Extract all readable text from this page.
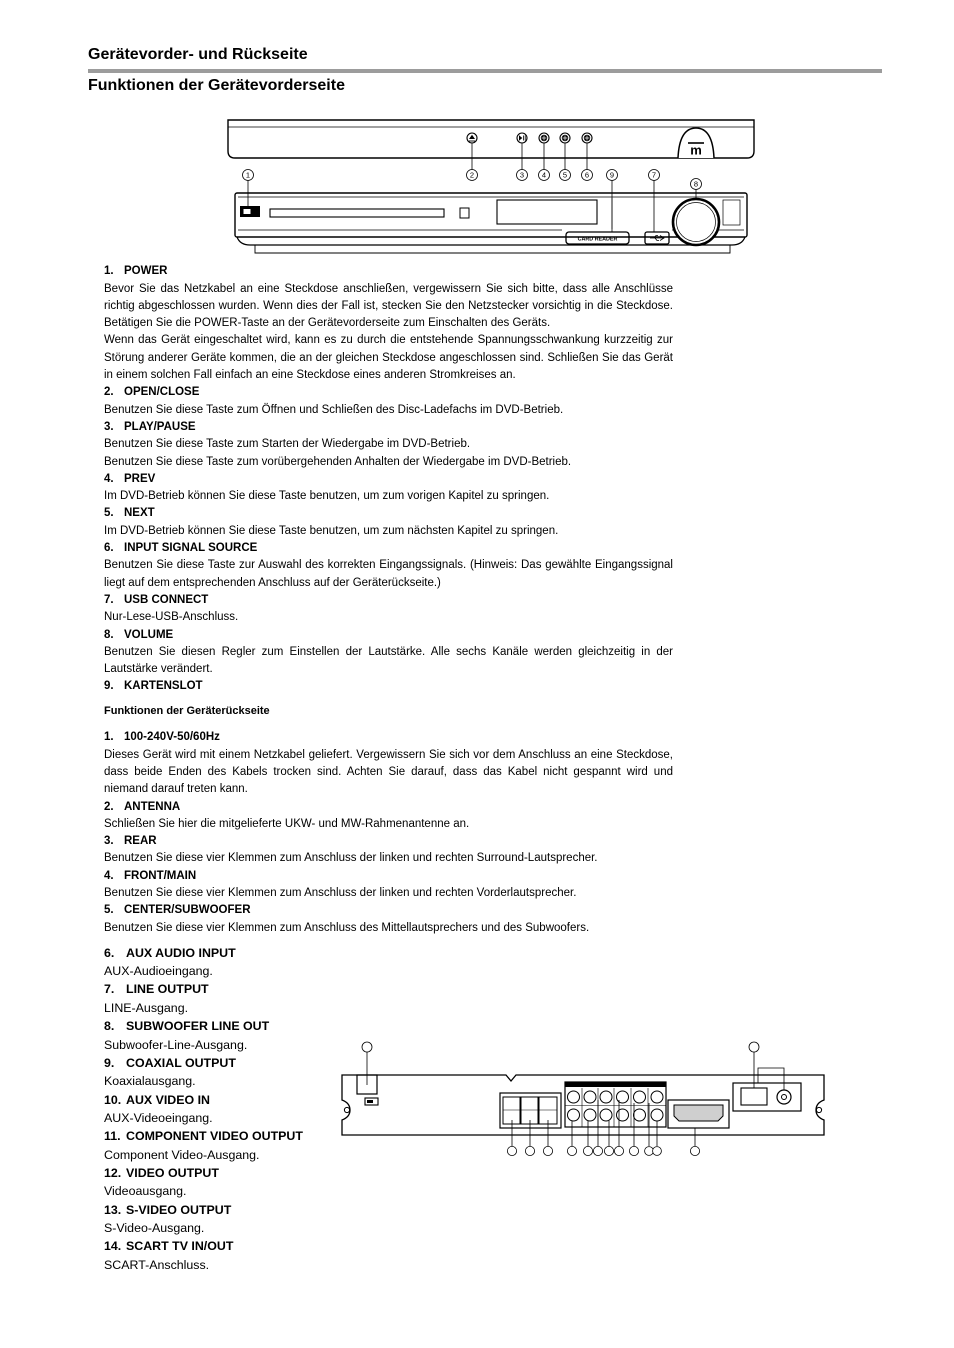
Gerätevorder- und Rückseite
Funktionen der Gerätevorderseite
m
1	2	3 4 5 6	9	7
8
CARD READER
1. POWER
Bevor Sie das Netzkabel an eine Steckdose anschließen, vergewissern Sie sich bitte, dass alle Anschlüsse
richtig abgeschlossen wurden. Wenn dies der Fall ist, stecken Sie den Netzstecker vorsichtig in die Steckdose.
Betätigen Sie die POWER-Taste an der Gerätevorderseite zum Einschalten des Geräts.
Wenn das Gerät eingeschaltet wird, kann es zu durch die entstehende Spannungsschwankung kurzzeitig zur
Störung anderer Geräte kommen, die an der gleichen Steckdose angeschlossen sind. Schließen Sie das Gerät
in einem solchen Fall einfach an eine Steckdose eines anderen Stromkreises an.
2. OPEN/CLOSE
Benutzen Sie diese Taste zum Öffnen und Schließen des Disc-Ladefachs im DVD-Betrieb.
3. PLAY/PAUSE
Benutzen Sie diese Taste zum Starten der Wiedergabe im DVD-Betrieb.
Benutzen Sie diese Taste zum vorübergehenden Anhalten der Wiedergabe im DVD-Betrieb.
4. PREV
Im DVD-Betrieb können Sie diese Taste benutzen, um zum vorigen Kapitel zu springen.
5. NEXT
Im DVD-Betrieb können Sie diese Taste benutzen, um zum nächsten Kapitel zu springen.
6. INPUT SIGNAL SOURCE
Benutzen Sie diese Taste zur Auswahl des korrekten Eingangssignals. (Hinweis: Das gewählte Eingangssignal
liegt auf dem entsprechenden Anschluss auf der Geräterückseite.)
7. USB CONNECT
Nur-Lese-USB-Anschluss.
8. VOLUME
Benutzen Sie diesen Regler zum Einstellen der Lautstärke. Alle sechs Kanäle werden gleichzeitig in der
Lautstärke verändert.
9. KARTENSLOT
Funktionen der Geräterückseite
1. 100-240V-50/60Hz
Dieses Gerät wird mit einem Netzkabel geliefert. Vergewissern Sie sich vor dem Anschluss an eine Steckdose,
dass beide Enden des Kabels trocken sind. Achten Sie darauf, dass das Kabel nicht gespannt wird und
niemand darauf treten kann.
2. ANTENNA
Schließen Sie hier die mitgelieferte UKW- und MW-Rahmenantenne an.
3. REAR
Benutzen Sie diese vier Klemmen zum Anschluss der linken und rechten Surround-Lautsprecher.
4. FRONT/MAIN
Benutzen Sie diese vier Klemmen zum Anschluss der linken und rechten Vorderlautsprecher.
5. CENTER/SUBWOOFER
Benutzen Sie diese vier Klemmen zum Anschluss des Mittellautsprechers und des Subwoofers.
6. AUX AUDIO INPUT
AUX-Audioeingang.
7. LINE OUTPUT
LINE-Ausgang.
8. SUBWOOFER LINE OUT
Subwoofer-Line-Ausgang.
9. COAXIAL OUTPUT
Koaxialausgang.
10. AUX VIDEO IN
AUX-Videoeingang.
11. COMPONENT VIDEO OUTPUT
Component Video-Ausgang.
12. VIDEO OUTPUT
Videoausgang.
13. S-VIDEO OUTPUT
S-Video-Ausgang.
14. SCART TV IN/OUT
SCART-Anschluss.
